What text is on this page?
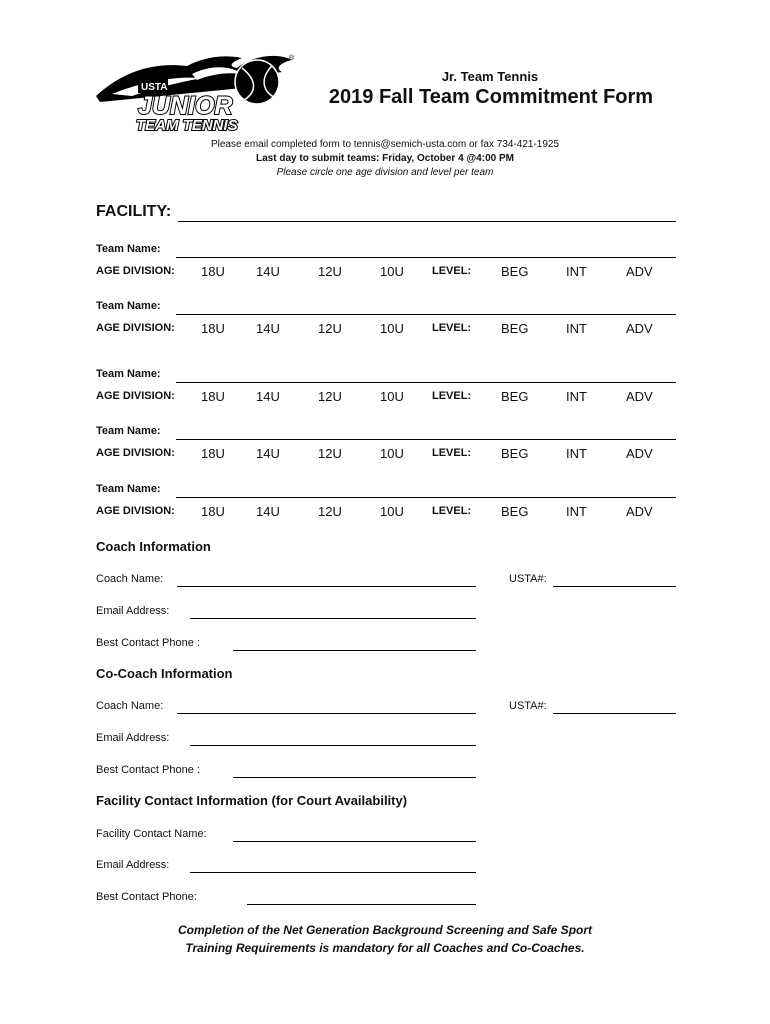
USTA
JUNIOR
TEAM TENNIS
®
Jr. Team Tennis
2019 Fall Team Commitment Form
Please email completed form to tennis@semich-usta.com or fax 734-421-1925
Last day to submit teams: Friday, October 4 @4:00 PM
Please circle one age division and level per team
FACILITY:
Team Name:
AGE DIVISION: 18U 14U	12U	10U	LEVEL: BEG	INT	ADV
Team Name:
AGE DIVISION: 18U 14U	12U	10U	LEVEL: BEG	INT	ADV
Team Name:
AGE DIVISION: 18U 14U	12U	10U	LEVEL: BEG	INT	ADV
Team Name:
AGE DIVISION: 18U 14U	12U	10U	LEVEL: BEG	INT	ADV
Team Name:
AGE DIVISION: 18U 14U	12U	10U	LEVEL: BEG	INT	ADV
Coach Information
Coach Name:	USTA#:
Email Address:
Best Contact Phone :
Co-Coach Information
Coach Name:	USTA#:
Email Address:
Best Contact Phone :
Facility Contact Information (for Court Availability)
Facility Contact Name:
Email Address:
Best Contact Phone:
Completion of the Net Generation Background Screening and Safe Sport
Training Requirements is mandatory for all Coaches and Co-Coaches.
